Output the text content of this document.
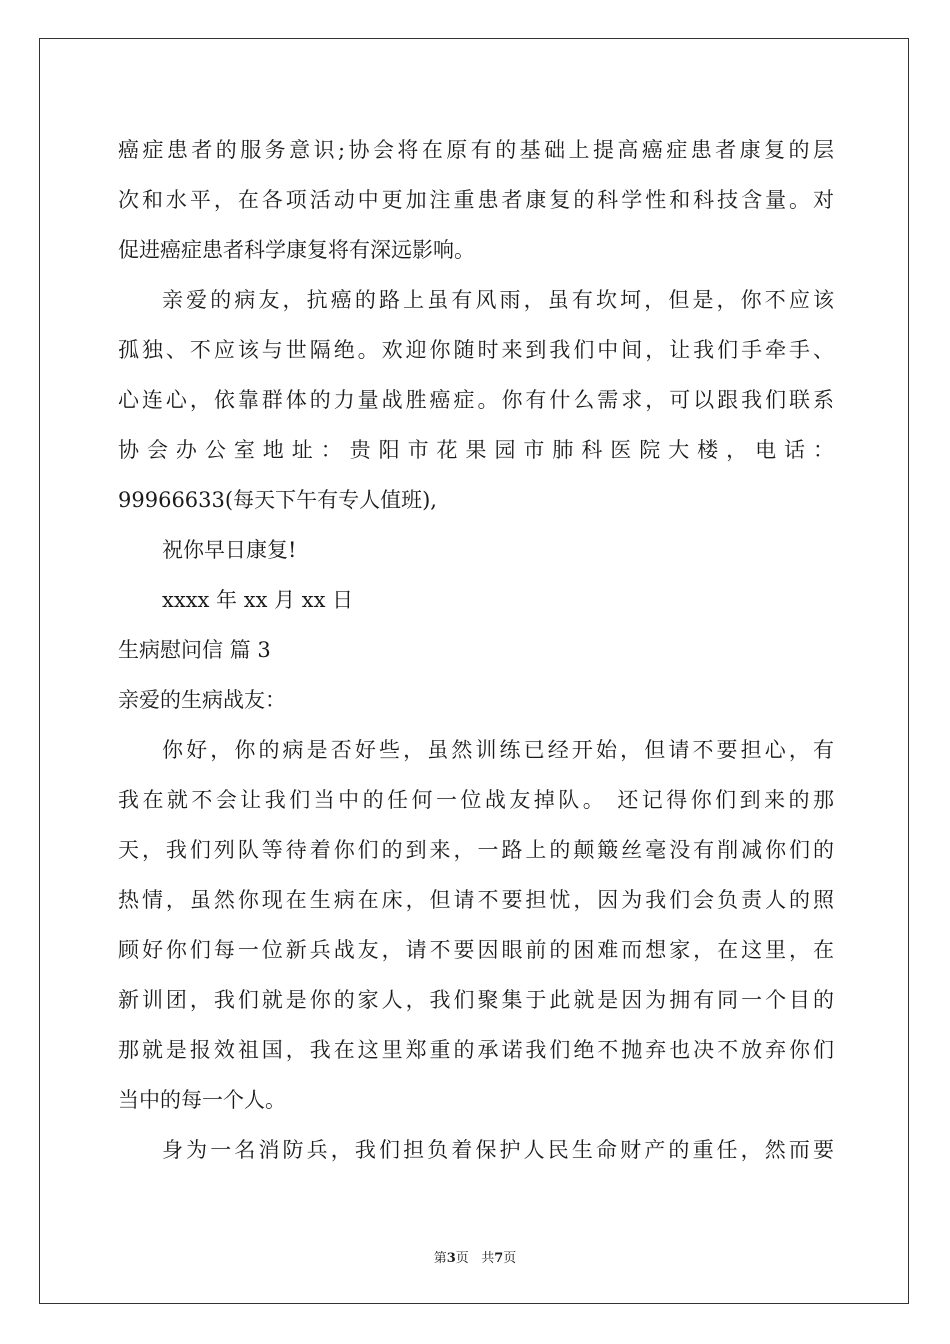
癌症患者的服务意识;协会将在原有的基础上提高癌症患者康复的层
次和水平，在各项活动中更加注重患者康复的科学性和科技含量。对
促进癌症患者科学康复将有深远影响。
亲爱的病友，抗癌的路上虽有风雨，虽有坎坷，但是，你不应该
孤独、不应该与世隔绝。欢迎你随时来到我们中间，让我们手牵手、
心连心，依靠群体的力量战胜癌症。你有什么需求，可以跟我们联系
协会办公室地址：贵阳市花果园市肺科医院大楼，电话：
99966633(每天下午有专人值班),
祝你早日康复!
xxxx 年 xx 月 xx 日
生病慰问信 篇 3
亲爱的生病战友：
你好，你的病是否好些，虽然训练已经开始，但请不要担心，有
我在就不会让我们当中的任何一位战友掉队。 还记得你们到来的那
天，我们列队等待着你们的到来，一路上的颠簸丝毫没有削减你们的
热情，虽然你现在生病在床，但请不要担忧，因为我们会负责人的照
顾好你们每一位新兵战友，请不要因眼前的困难而想家，在这里，在
新训团，我们就是你的家人，我们聚集于此就是因为拥有同一个目的
那就是报效祖国，我在这里郑重的承诺我们绝不抛弃也决不放弃你们
当中的每一个人。
身为一名消防兵，我们担负着保护人民生命财产的重任，然而要
第3页 共7页
